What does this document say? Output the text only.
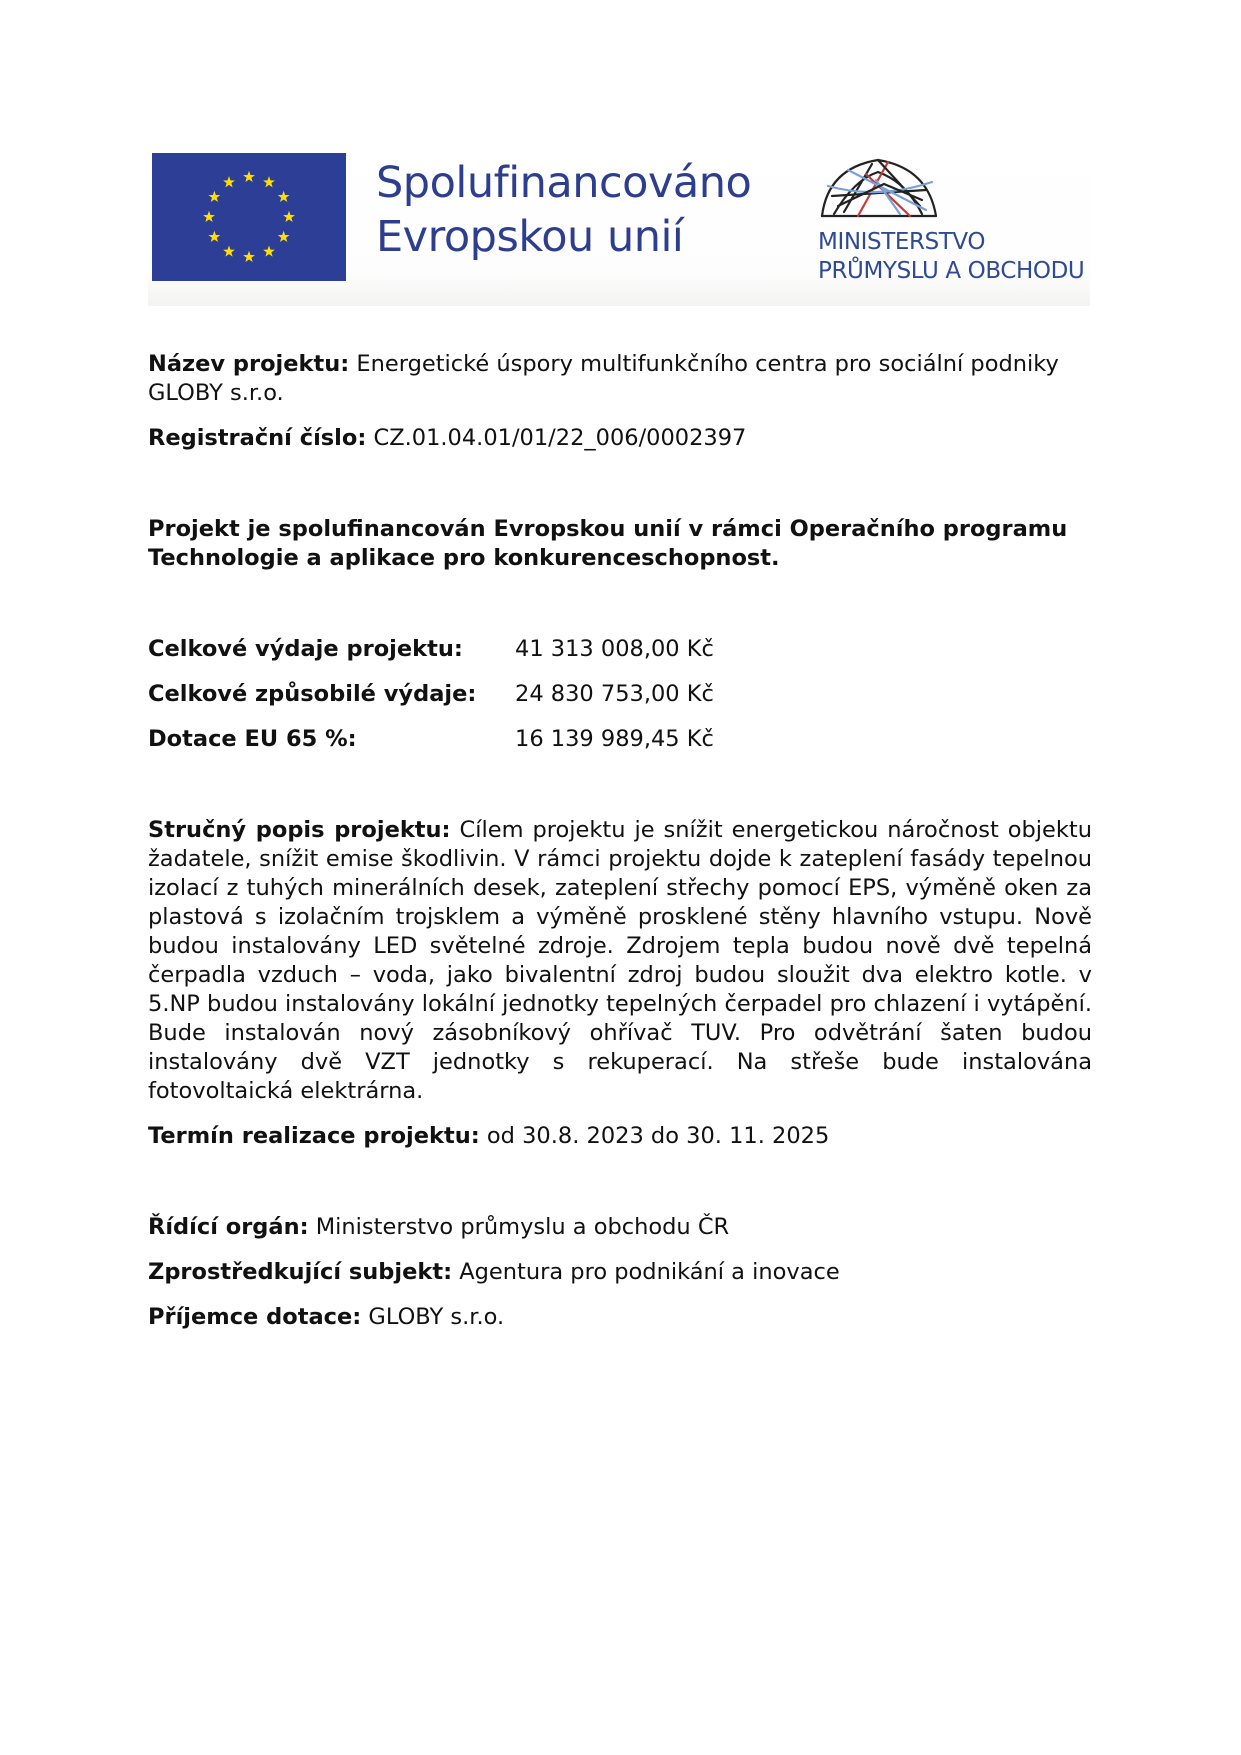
Spolufinancováno
Evropskou unií	MINISTERSTVO
PRŮMYSLU A OBCHODU

Název projektu: Energetické úspory multifunkčního centra pro sociální podniky GLOBY s.r.o.

Registrační číslo: CZ.01.04.01/01/22_006/0002397

Projekt je spolufinancován Evropskou unií v rámci Operačního programu Technologie a aplikace pro konkurenceschopnost.

Celkové výdaje projektu:	41 313 008,00 Kč
Celkové způsobilé výdaje:	24 830 753,00 Kč
Dotace EU 65 %:	16 139 989,45 Kč

Stručný popis projektu: Cílem projektu je snížit energetickou náročnost objektu žadatele, snížit emise škodlivin. V rámci projektu dojde k zateplení fasády tepelnou izolací z tuhých minerálních desek, zateplení střechy pomocí EPS, výměně oken za plastová s izolačním trojsklem a výměně prosklené stěny hlavního vstupu. Nově budou instalovány LED světelné zdroje. Zdrojem tepla budou nově dvě tepelná čerpadla vzduch – voda, jako bivalentní zdroj budou sloužit dva elektro kotle. v 5.NP budou instalovány lokální jednotky tepelných čerpadel pro chlazení i vytápění. Bude instalován nový zásobníkový ohřívač TUV. Pro odvětrání šaten budou instalovány dvě VZT jednotky s rekuperací. Na střeše bude instalována fotovoltaická elektrárna.

Termín realizace projektu: od 30.8. 2023 do 30. 11. 2025

Řídící orgán: Ministerstvo průmyslu a obchodu ČR

Zprostředkující subjekt: Agentura pro podnikání a inovace

Příjemce dotace: GLOBY s.r.o.
